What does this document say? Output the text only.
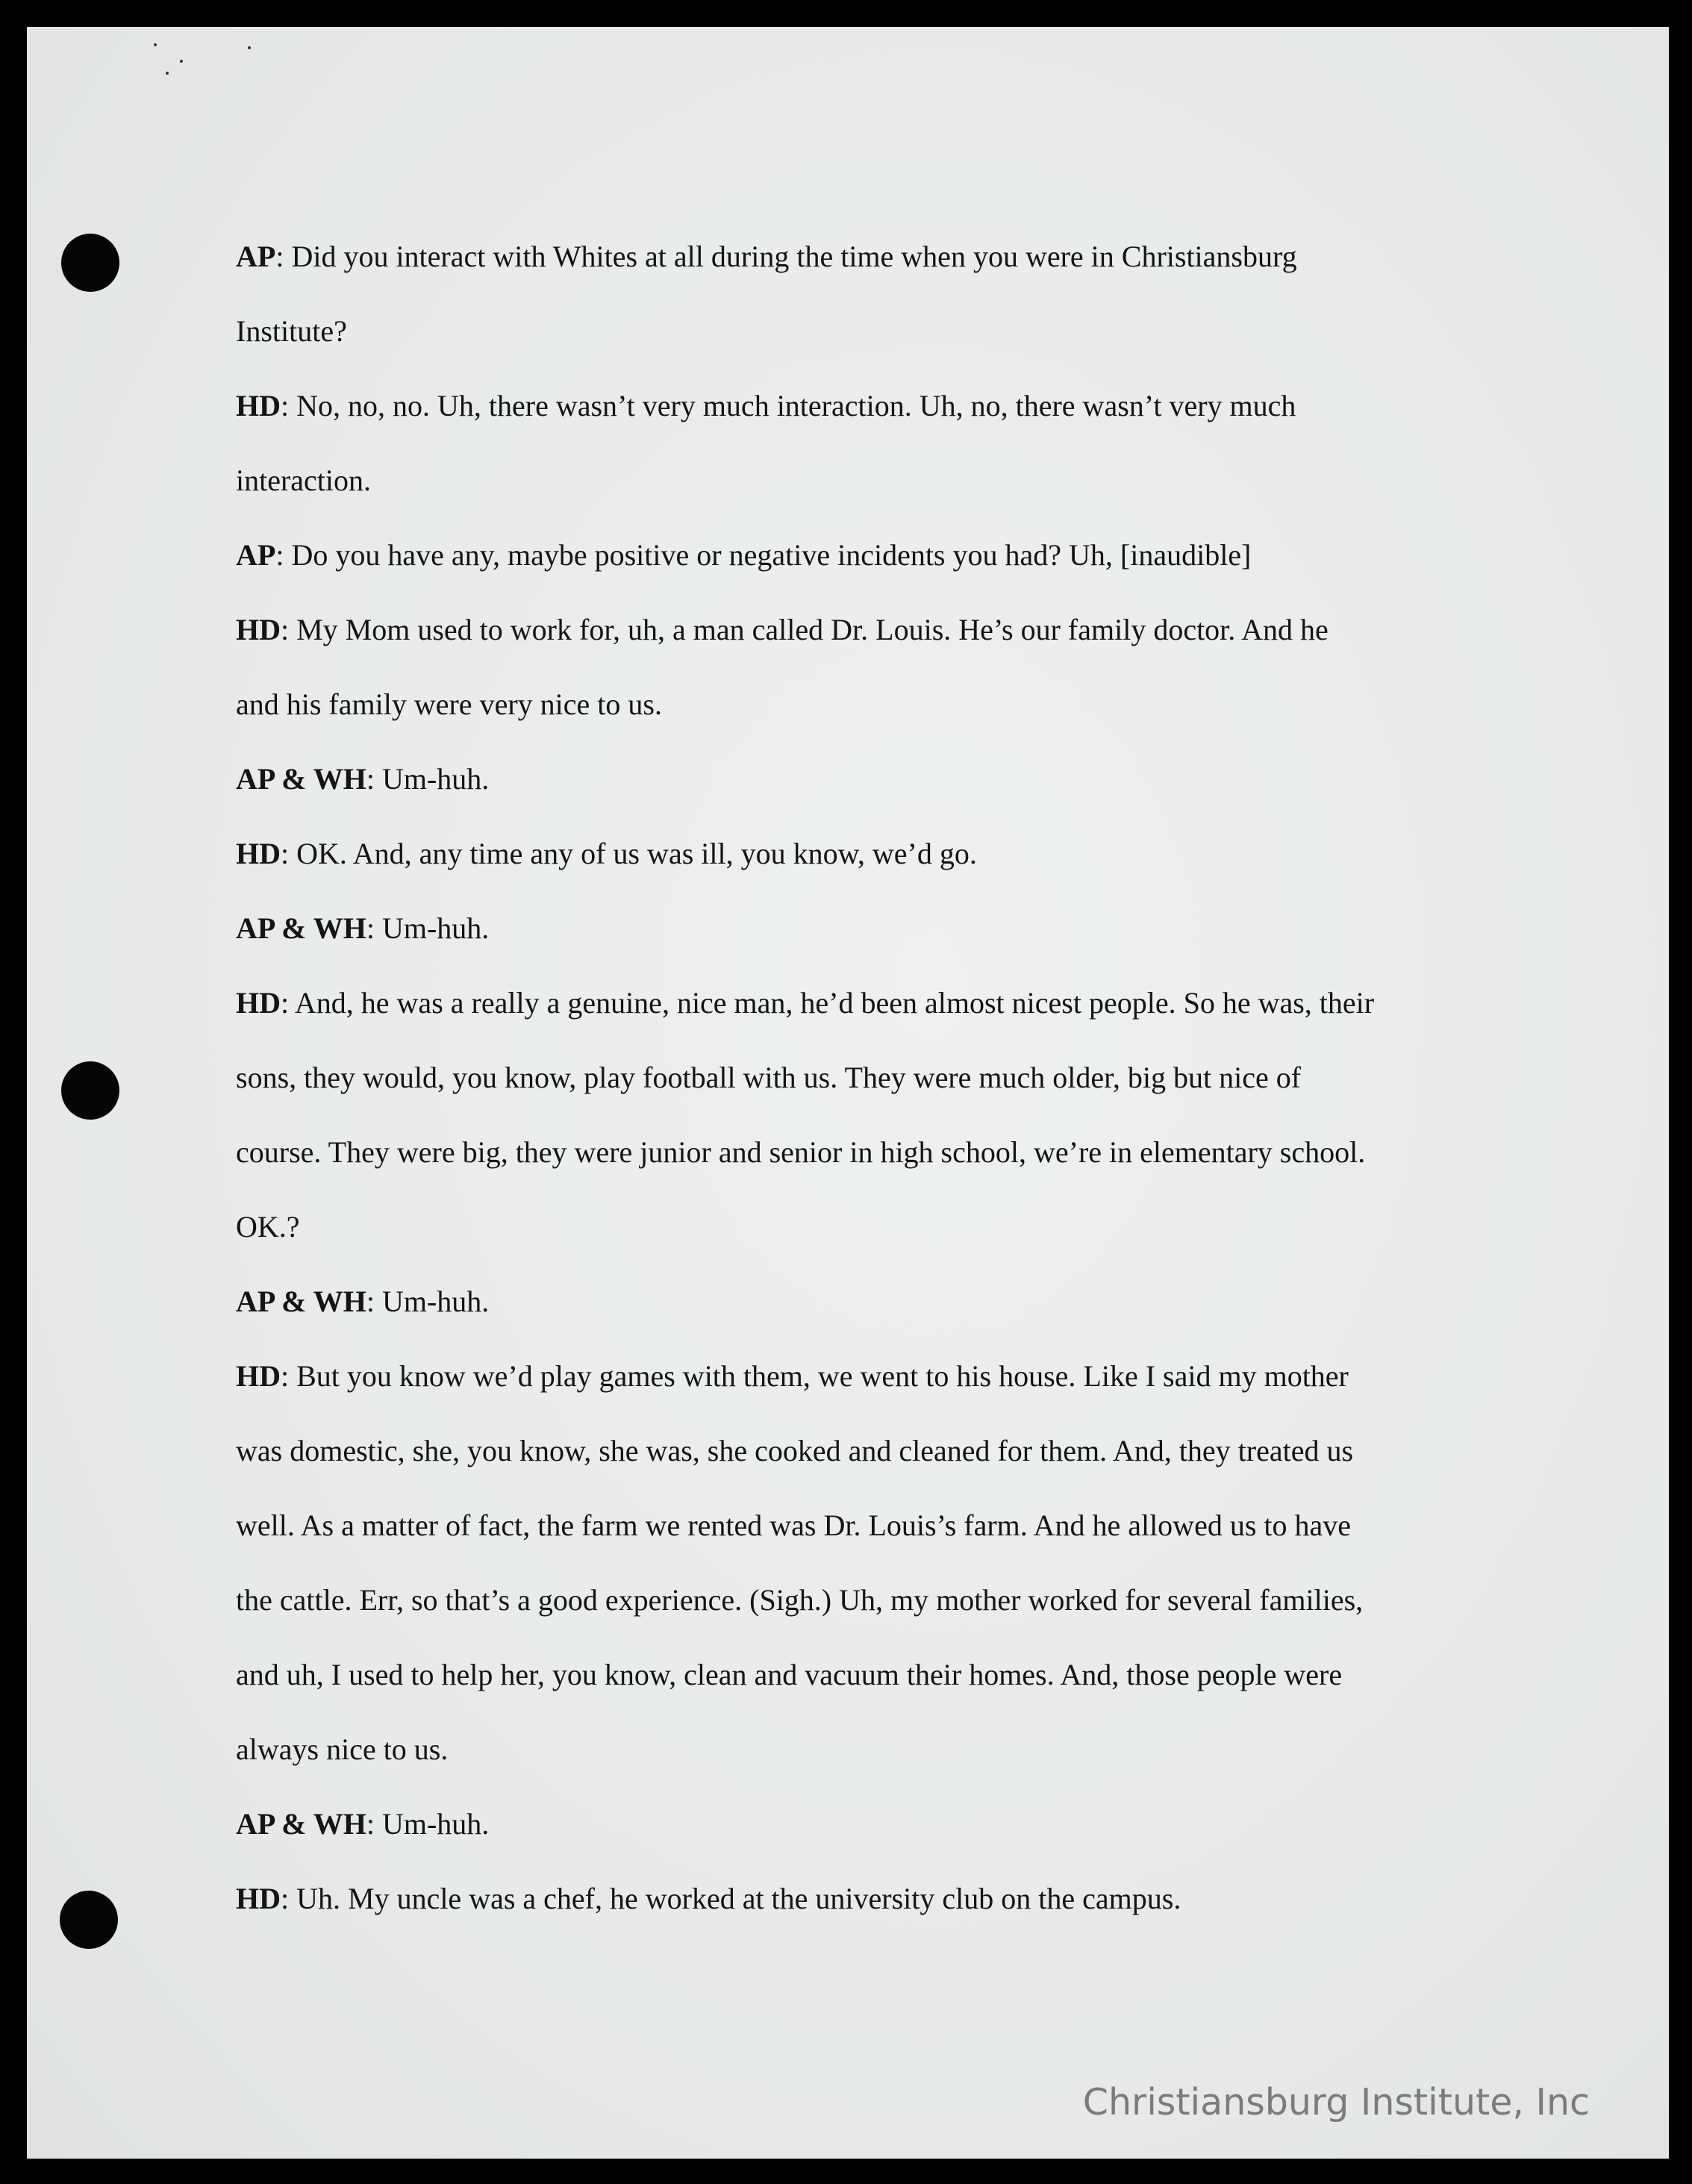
AP: Did you interact with Whites at all during the time when you were in Christiansburg

Institute?

HD: No, no, no. Uh, there wasn’t very much interaction. Uh, no, there wasn’t very much

interaction.

AP: Do you have any, maybe positive or negative incidents you had? Uh, [inaudible]

HD: My Mom used to work for, uh, a man called Dr. Louis. He’s our family doctor. And he

and his family were very nice to us.

AP & WH: Um-huh.

HD: OK. And, any time any of us was ill, you know, we’d go.

AP & WH: Um-huh.

HD: And, he was a really a genuine, nice man, he’d been almost nicest people. So he was, their

sons, they would, you know, play football with us. They were much older, big but nice of

course. They were big, they were junior and senior in high school, we’re in elementary school.

OK.?

AP & WH: Um-huh.

HD: But you know we’d play games with them, we went to his house. Like I said my mother

was domestic, she, you know, she was, she cooked and cleaned for them. And, they treated us

well. As a matter of fact, the farm we rented was Dr. Louis’s farm. And he allowed us to have

the cattle. Err, so that’s a good experience. (Sigh.) Uh, my mother worked for several families,

and uh, I used to help her, you know, clean and vacuum their homes. And, those people were

always nice to us.

AP & WH: Um-huh.

HD: Uh. My uncle was a chef, he worked at the university club on the campus.

Christiansburg Institute, Inc
